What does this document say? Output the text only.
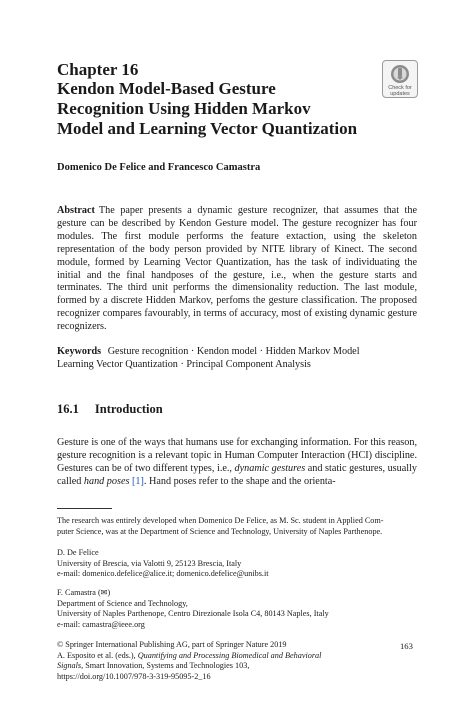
Chapter 16
Kendon Model-Based Gesture
Recognition Using Hidden Markov
Model and Learning Vector Quantization
Check for
updates
Domenico De Felice and Francesco Camastra
Abstract The paper presents a dynamic gesture recognizer, that assumes that the gesture can be described by Kendon Gesture model. The gesture recognizer has four modules. The first module performs the feature extaction, using the skeleton representation of the body person provided by NITE library of Kinect. The second module, formed by Learning Vector Quantization, has the task of individuating the initial and the final handposes of the gesture, i.e., when the gesture starts and terminates. The third unit performs the dimensionality reduction. The last module, formed by a discrete Hidden Markov, perfoms the gesture classification. The proposed recognizer compares favourably, in terms of accuracy, most of existing dynamic gesture recognizers.
Keywords Gesture recognition · Kendon model · Hidden Markov Model
Learning Vector Quantization · Principal Component Analysis
16.1 Introduction
Gesture is one of the ways that humans use for exchanging information. For this reason, gesture recognition is a relevant topic in Human Computer Interaction (HCI) discipline. Gestures can be of two different types, i.e., dynamic gestures and static gestures, usually called hand poses [1]. Hand poses refer to the shape and the orienta-
The research was entirely developed when Domenico De Felice, as M. Sc. student in Applied Com-
puter Science, was at the Department of Science and Technology, University of Naples Parthenope.
D. De Felice
University of Brescia, via Valotti 9, 25123 Brescia, Italy
e-mail: domenico.defelice@alice.it; domenico.defelice@unibs.it
F. Camastra (✉)
Department of Science and Technology,
University of Naples Parthenope, Centro Direzionale Isola C4, 80143 Naples, Italy
e-mail: camastra@ieee.org
© Springer International Publishing AG, part of Springer Nature 2019
A. Esposito et al. (eds.), Quantifying and Processing Biomedical and Behavioral
Signals, Smart Innovation, Systems and Technologies 103,
https://doi.org/10.1007/978-3-319-95095-2_16
163
